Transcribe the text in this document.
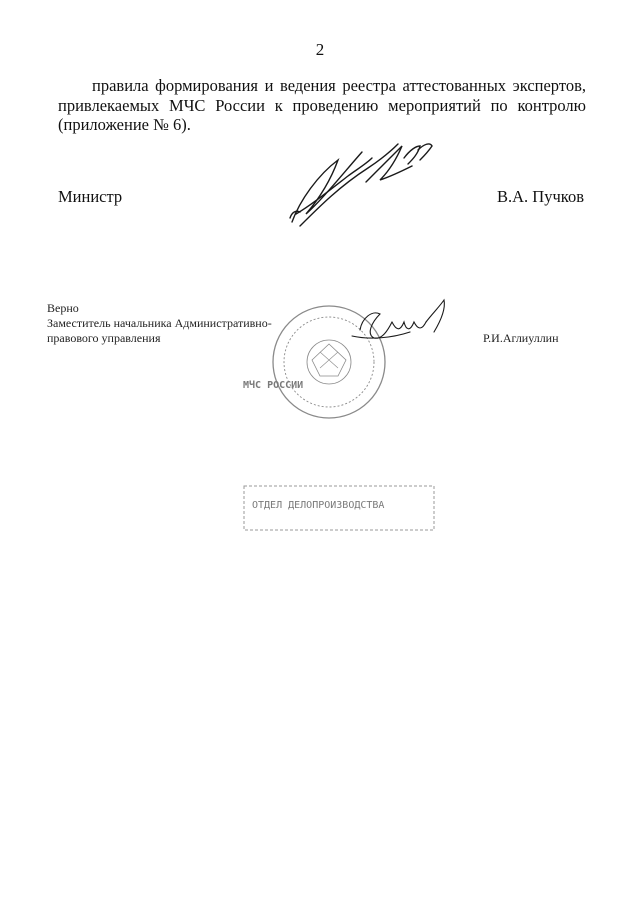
2
правила формирования и ведения реестра аттестованных экспертов,
привлекаемых МЧС России к проведению мероприятий по контролю
(приложение № 6).
Министр	В.А. Пучков
Верно
Заместитель начальника Административно-
правового управления	Р.И.Аглиуллин
МЧС РОССИИ
ОТДЕЛ ДЕЛОПРОИЗВОДСТВА
